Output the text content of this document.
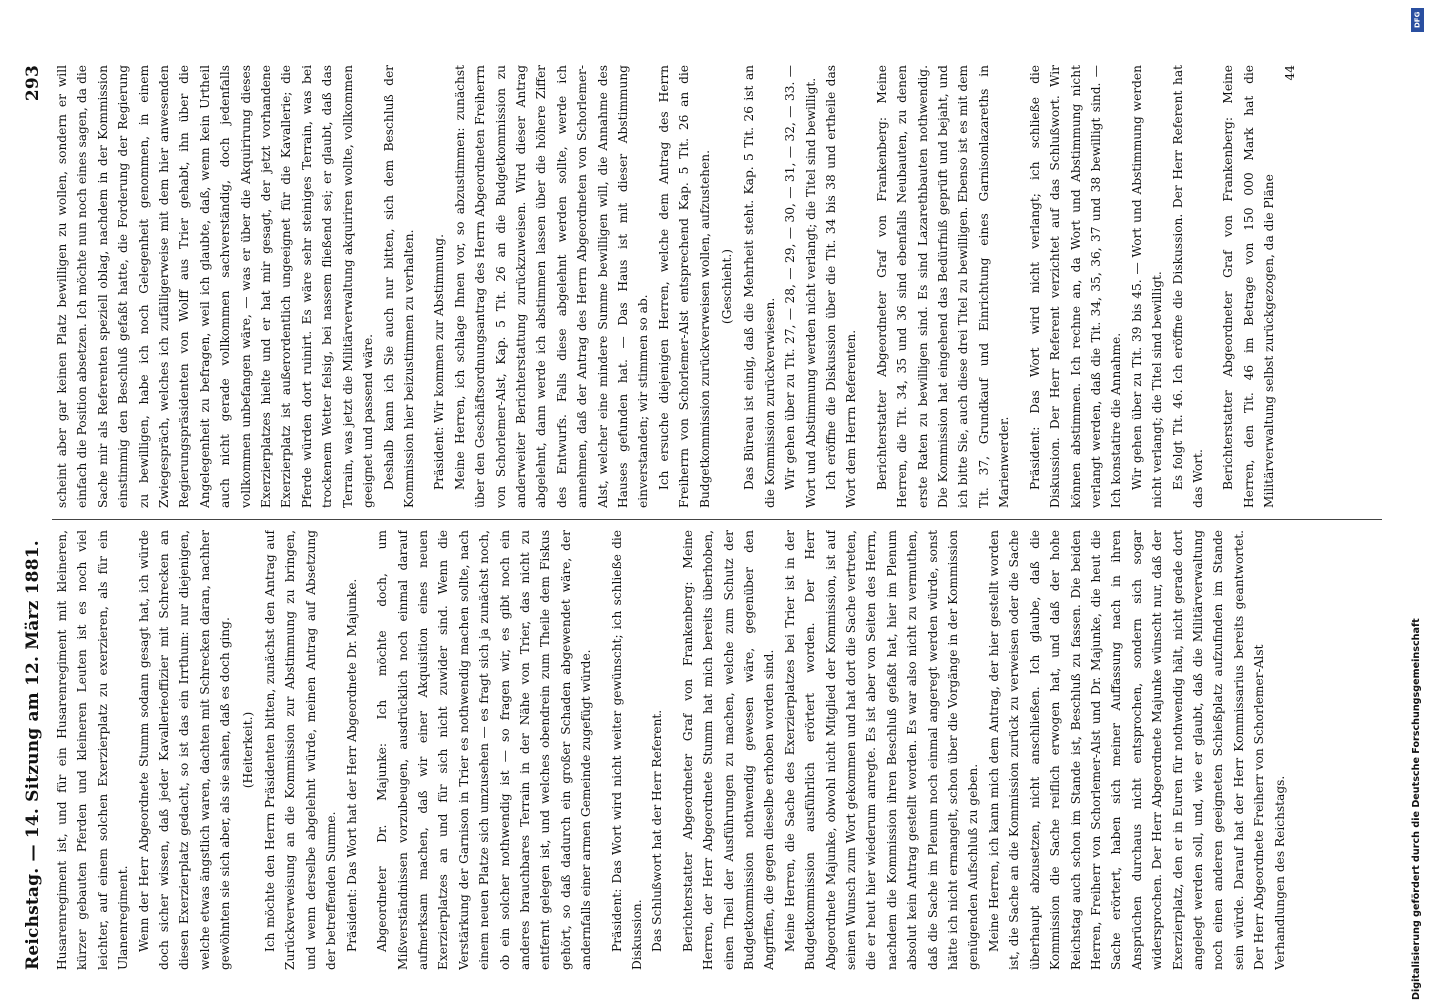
Reichstag. — 14. Sitzung am 12. März 1881.
293

Husarenregiment ist, und für ein Husarenregiment mit kleineren, kürzer gebauten Pferden und kleineren Leuten ist es noch viel leichter, auf einem solchen Exerzierplatz zu exerzieren, als für ein Ulanenregiment. Wenn der Herr Abgeordnete Stumm sodann gesagt hat, ich würde doch sicher wissen, daß jeder Kavallerieoffizier mit Schrecken an diesen Exerzierplatz gedacht, so ist das ein Irrthum: nur diejenigen, welche etwas ängstlich waren, dachten mit Schrecken daran, nachher gewöhnten sie sich aber, als sie sahen, daß es doch ging. (Heiterkeit.) Ich möchte den Herrn Präsidenten bitten, zunächst den Antrag auf Zurückverweisung an die Kommission zur Abstimmung zu bringen, und wenn derselbe abgelehnt würde, meinen Antrag auf Absetzung der betreffenden Summe. Präsident: Das Wort hat der Herr Abgeordnete Dr. Majunke. Abgeordneter Dr. Majunke: Ich möchte doch, um Mißverständnissen vorzubeugen, ausdrücklich noch einmal darauf aufmerksam machen, daß wir einer Akquisition eines neuen Exerzierplatzes an und für sich nicht zuwider sind. Wenn die Verstärkung der Garnison in Trier es nothwendig machen sollte, nach einem neuen Platze sich umzusehen — es fragt sich ja zunächst noch, ob ein solcher nothwendig ist — so fragen wir, es gibt noch ein anderes brauchbares Terrain in der Nähe von Trier, das nicht zu entfernt gelegen ist, und welches obendrein zum Theile dem Fiskus gehört, so daß dadurch ein großer Schaden abgewendet wäre, der andernfalls einer armen Gemeinde zugefügt würde. Präsident: Das Wort wird nicht weiter gewünscht; ich schließe die Diskussion. Das Schlußwort hat der Herr Referent. Berichterstatter Abgeordneter Graf von Frankenberg: Meine Herren, der Herr Abgeordnete Stumm hat mich bereits überhoben, einen Theil der Ausführungen zu machen, welche zum Schutz der Budgetkommission nothwendig gewesen wäre, gegenüber den Angriffen, die gegen dieselbe erhoben worden sind. Meine Herren, die Sache des Exerzierplatzes bei Trier ist in der Budgetkommission ausführlich erörtert worden. Der Herr Abgeordnete Majunke, obwohl nicht Mitglied der Kommission, ist auf seinen Wunsch zum Wort gekommen und hat dort die Sache vertreten, die er heut hier wiederum anregte. Es ist aber von Seiten des Herrn, nachdem die Kommission ihren Beschluß gefaßt hat, hier im Plenum absolut kein Antrag gestellt worden. Es war also nicht zu vermuthen, daß die Sache im Plenum noch einmal angeregt werden würde, sonst hätte ich nicht ermangelt, schon über die Vorgänge in der Kommission genügenden Aufschluß zu geben. Meine Herren, ich kann mich dem Antrag, der hier gestellt worden ist, die Sache an die Kommission zurück zu verweisen oder die Sache überhaupt abzusetzen, nicht anschließen. Ich glaube, daß die Kommission die Sache reiflich erwogen hat, und daß der hohe Reichstag auch schon im Stande ist, Beschluß zu fassen. Die beiden Herren, Freiherr von Schorlemer-Alst und Dr. Majunke, die heut die Sache erörtert, haben sich meiner Auffassung nach in ihren Ansprüchen durchaus nicht entsprochen, sondern sich sogar widersprochen. Der Herr Abgeordnete Majunke wünscht nur, daß der Exerzierplatz, den er in Euren für nothwendig hält, nicht gerade dort angelegt werden soll, und, wie er glaubt, daß die Militärverwaltung noch einen anderen geeigneten Schießplatz aufzufinden im Stande sein würde. Darauf hat der Herr Kommissarius bereits geantwortet. Der Herr Abgeordnete Freiherr von Schorlemer-Alst Verhandlungen des Reichstags.

scheint aber gar keinen Platz bewilligen zu wollen, sondern er will einfach die Position absetzen. Ich möchte nun noch eines sagen, da die Sache mir als Referenten speziell oblag, nachdem in der Kommission einstimmig den Beschluß gefaßt hatte, die Forderung der Regierung zu bewilligen, habe ich noch Gelegenheit genommen, in einem Zwiegespräch, welches ich zufälligerweise mit dem hier anwesenden Regierungspräsidenten von Wolff aus Trier gehabt, ihn über die Angelegenheit zu befragen, weil ich glaubte, daß, wenn kein Urtheil auch nicht gerade vollkommen sachverständig, doch jedenfalls vollkommen unbefangen wäre, — was er über die Akquirirung dieses Exerzierplatzes hielte und er hat mir gesagt, der jetzt vorhandene Exerzierplatz ist außerordentlich ungeeignet für die Kavallerie; die Pferde würden dort ruinirt. Es wäre sehr steiniges Terrain, was bei trockenem Wetter felsig, bei nassem fließend sei; er glaubt, daß das Terrain, was jetzt die Militärverwaltung akquiriren wollte, vollkommen geeignet und passend wäre. Deshalb kann ich Sie auch nur bitten, sich dem Beschluß der Kommission hier beizustimmen zu verhalten. Präsident: Wir kommen zur Abstimmung. Meine Herren, ich schlage Ihnen vor, so abzustimmen: zunächst über den Geschäftsordnungsantrag des Herrn Abgeordneten Freiherrn von Schorlemer-Alst, Kap. 5 Tit. 26 an die Budgetkommission zu anderweiter Berichterstattung zurückzuweisen. Wird dieser Antrag abgelehnt, dann werde ich abstimmen lassen über die höhere Ziffer des Entwurfs. Falls diese abgelehnt werden sollte, werde ich annehmen, daß der Antrag des Herrn Abgeordneten von Schorlemer-Alst, welcher eine mindere Summe bewilligen will, die Annahme des Hauses gefunden hat. — Das Haus ist mit dieser Abstimmung einverstanden; wir stimmen so ab. Ich ersuche diejenigen Herren, welche dem Antrag des Herrn Freiherrn von Schorlemer-Alst entsprechend Kap. 5 Tit. 26 an die Budgetkommission zurückverweisen wollen, aufzustehen. (Geschieht.) Das Büreau ist einig, daß die Mehrheit steht. Kap. 5 Tit. 26 ist an die Kommission zurückverwiesen. Wir gehen über zu Tit. 27, — 28, — 29, — 30, — 31, — 32, — 33. — Wort und Abstimmung werden nicht verlangt; die Titel sind bewilligt. Ich eröffne die Diskussion über die Tit. 34 bis 38 und ertheile das Wort dem Herrn Referenten. Berichterstatter Abgeordneter Graf von Frankenberg: Meine Herren, die Tit. 34, 35 und 36 sind ebenfalls Neubauten, zu denen erste Raten zu bewilligen sind. Es sind Lazarethbauten nothwendig. Die Kommission hat eingehend das Bedürfniß geprüft und bejaht, und ich bitte Sie, auch diese drei Titel zu bewilligen. Ebenso ist es mit dem Tit. 37, Grundkauf und Einrichtung eines Garnisonlazareths in Marienwerder. Präsident: Das Wort wird nicht verlangt; ich schließe die Diskussion. Der Herr Referent verzichtet auf das Schlußwort. Wir können abstimmen. Ich rechne an, da Wort und Abstimmung nicht verlangt werden, daß die Tit. 34, 35, 36, 37 und 38 bewilligt sind. — Ich konstatire die Annahme. Wir gehen über zu Tit. 39 bis 45. — Wort und Abstimmung werden nicht verlangt; die Titel sind bewilligt. Es folgt Tit. 46. Ich eröffne die Diskussion. Der Herr Referent hat das Wort. Berichterstatter Abgeordneter Graf von Frankenberg: Meine Herren, den Tit. 46 im Betrage von 150 000 Mark hat die Militärverwaltung selbst zurückgezogen, da die Pläne

44

Digitalisierung gefördert durch die Deutsche Forschungsgemeinschaft
DFG
